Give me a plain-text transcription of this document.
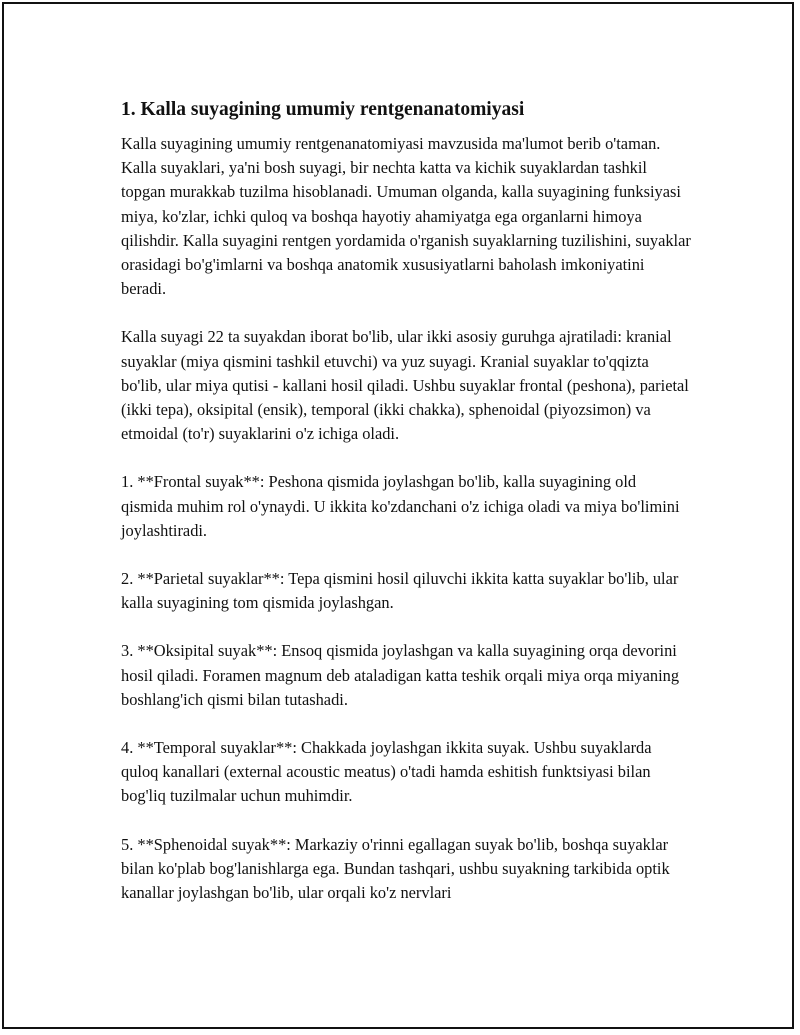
1. Kalla suyagining umumiy rentgenanatomiyasi

Kalla suyagining umumiy rentgenanatomiyasi mavzusida ma'lumot berib o'taman. Kalla suyaklari, ya'ni bosh suyagi, bir nechta katta va kichik suyaklardan tashkil topgan murakkab tuzilma hisoblanadi. Umuman olganda, kalla suyagining funksiyasi miya, ko'zlar, ichki quloq va boshqa hayotiy ahamiyatga ega organlarni himoya qilishdir. Kalla suyagini rentgen yordamida o'rganish suyaklarning tuzilishini, suyaklar orasidagi bo'g'imlarni va boshqa anatomik xususiyatlarni baholash imkoniyatini beradi.

Kalla suyagi 22 ta suyakdan iborat bo'lib, ular ikki asosiy guruhga ajratiladi: kranial suyaklar (miya qismini tashkil etuvchi) va yuz suyagi. Kranial suyaklar to'qqizta bo'lib, ular miya qutisi - kallani hosil qiladi. Ushbu suyaklar frontal (peshona), parietal (ikki tepa), oksipital (ensik), temporal (ikki chakka), sphenoidal (piyozsimon) va etmoidal (to'r) suyaklarini o'z ichiga oladi.

1. **Frontal suyak**: Peshona qismida joylashgan bo'lib, kalla suyagining old qismida muhim rol o'ynaydi. U ikkita ko'zdanchani o'z ichiga oladi va miya bo'limini joylashtiradi.

2. **Parietal suyaklar**: Tepa qismini hosil qiluvchi ikkita katta suyaklar bo'lib, ular kalla suyagining tom qismida joylashgan.

3. **Oksipital suyak**: Ensoq qismida joylashgan va kalla suyagining orqa devorini hosil qiladi. Foramen magnum deb ataladigan katta teshik orqali miya orqa miyaning boshlang'ich qismi bilan tutashadi.

4. **Temporal suyaklar**: Chakkada joylashgan ikkita suyak. Ushbu suyaklarda quloq kanallari (external acoustic meatus) o'tadi hamda eshitish funktsiyasi bilan bog'liq tuzilmalar uchun muhimdir.

5. **Sphenoidal suyak**: Markaziy o'rinni egallagan suyak bo'lib, boshqa suyaklar bilan ko'plab bog'lanishlarga ega. Bundan tashqari, ushbu suyakning tarkibida optik kanallar joylashgan bo'lib, ular orqali ko'z nervlari
